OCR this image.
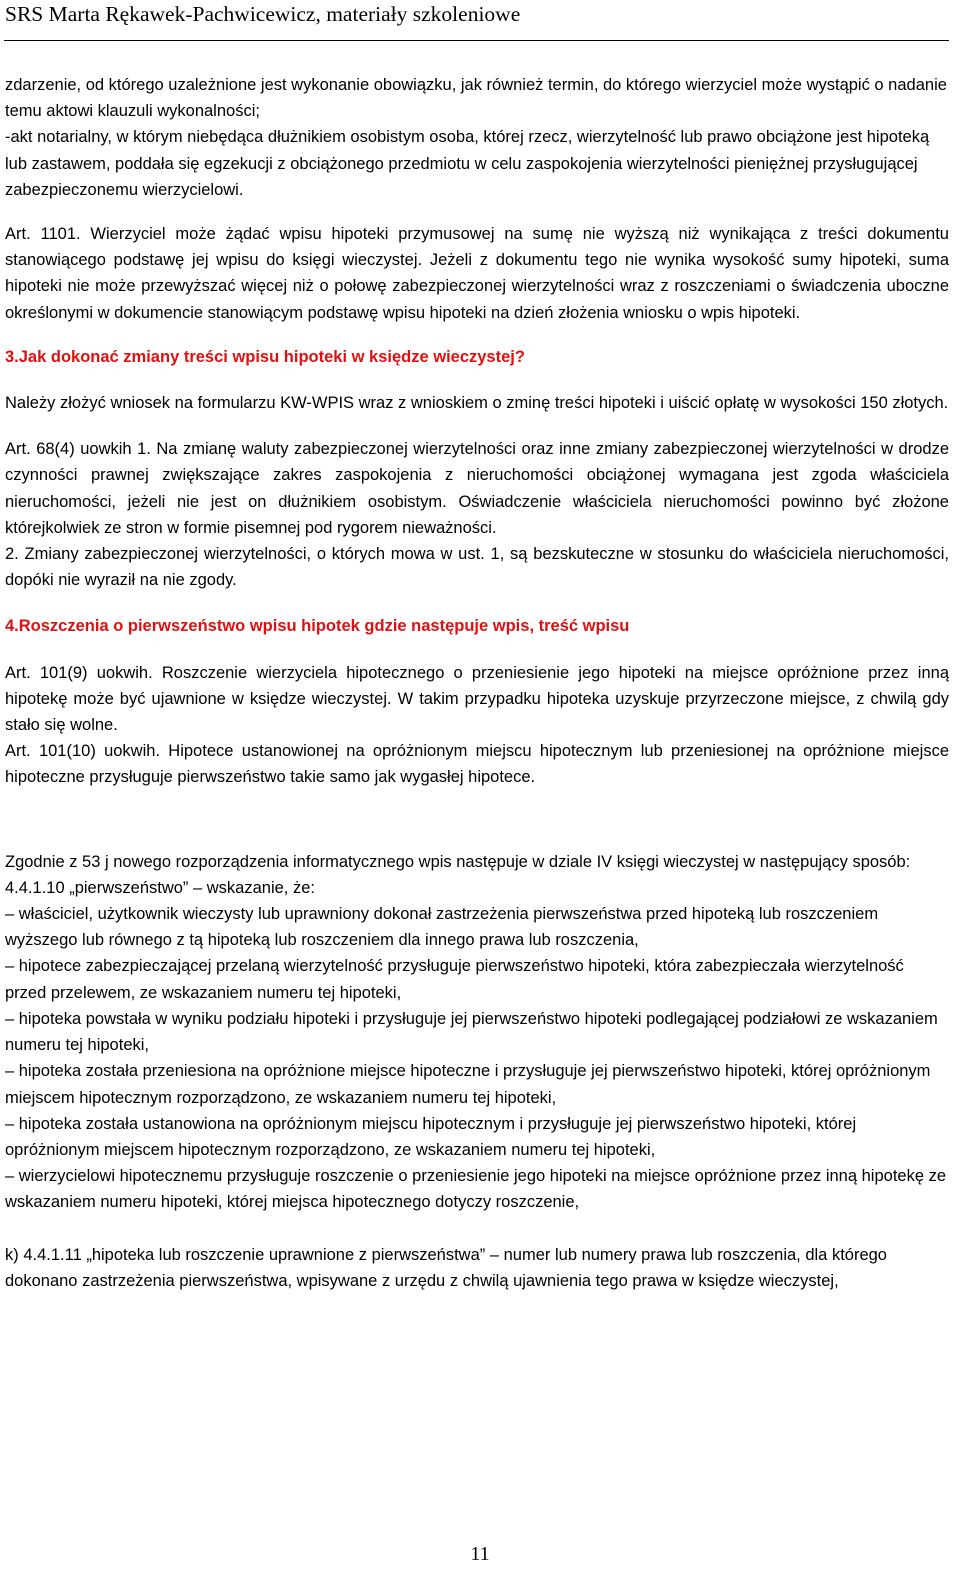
SRS Marta Rękawek-Pachwicewicz, materiały szkoleniowe

zdarzenie, od którego uzależnione jest wykonanie obowiązku, jak również termin, do którego wierzyciel może wystąpić o nadanie temu aktowi klauzuli wykonalności;

-akt notarialny, w którym niebędąca dłużnikiem osobistym osoba, której rzecz, wierzytelność lub prawo obciążone jest hipoteką lub zastawem, poddała się egzekucji z obciążonego przedmiotu w celu zaspokojenia wierzytelności pieniężnej przysługującej zabezpieczonemu wierzycielowi.

Art. 1101. Wierzyciel może żądać wpisu hipoteki przymusowej na sumę nie wyższą niż wynikająca z treści dokumentu stanowiącego podstawę jej wpisu do księgi wieczystej. Jeżeli z dokumentu tego nie wynika wysokość sumy hipoteki, suma hipoteki nie może przewyższać więcej niż o połowę zabezpieczonej wierzytelności wraz z roszczeniami o świadczenia uboczne określonymi w dokumencie stanowiącym podstawę wpisu hipoteki na dzień złożenia wniosku o wpis hipoteki.

3.Jak dokonać zmiany treści wpisu hipoteki w księdze wieczystej?

Należy złożyć wniosek na formularzu KW-WPIS wraz z wnioskiem o zminę treści hipoteki i uiścić opłatę w wysokości 150 złotych.

Art. 68(4) uowkih 1. Na zmianę waluty zabezpieczonej wierzytelności oraz inne zmiany zabezpieczonej wierzytelności w drodze czynności prawnej zwiększające zakres zaspokojenia z nieruchomości obciążonej wymagana jest zgoda właściciela nieruchomości, jeżeli nie jest on dłużnikiem osobistym. Oświadczenie właściciela nieruchomości powinno być złożone którejkolwiek ze stron w formie pisemnej pod rygorem nieważności.

2. Zmiany zabezpieczonej wierzytelności, o których mowa w ust. 1, są bezskuteczne w stosunku do właściciela nieruchomości, dopóki nie wyraził na nie zgody.

4.Roszczenia o pierwszeństwo wpisu hipotek gdzie następuje wpis, treść wpisu

Art. 101(9) uokwih. Roszczenie wierzyciela hipotecznego o przeniesienie jego hipoteki na miejsce opróżnione przez inną hipotekę może być ujawnione w księdze wieczystej. W takim przypadku hipoteka uzyskuje przyrzeczone miejsce, z chwilą gdy stało się wolne.

Art. 101(10) uokwih. Hipotece ustanowionej na opróżnionym miejscu hipotecznym lub przeniesionej na opróżnione miejsce hipoteczne przysługuje pierwszeństwo takie samo jak wygasłej hipotece.

Zgodnie z 53 j nowego rozporządzenia informatycznego wpis następuje w dziale IV księgi wieczystej w następujący sposób:

4.4.1.10 „pierwszeństwo” – wskazanie, że:

– właściciel, użytkownik wieczysty lub uprawniony dokonał zastrzeżenia pierwszeństwa przed hipoteką lub roszczeniem wyższego lub równego z tą hipoteką lub roszczeniem dla innego prawa lub roszczenia,

– hipotece zabezpieczającej przelaną wierzytelność przysługuje pierwszeństwo hipoteki, która zabezpieczała wierzytelność przed przelewem, ze wskazaniem numeru tej hipoteki,

– hipoteka powstała w wyniku podziału hipoteki i przysługuje jej pierwszeństwo hipoteki podlegającej podziałowi ze wskazaniem numeru tej hipoteki,

– hipoteka została przeniesiona na opróżnione miejsce hipoteczne i przysługuje jej pierwszeństwo hipoteki, której opróżnionym miejscem hipotecznym rozporządzono, ze wskazaniem numeru tej hipoteki,

– hipoteka została ustanowiona na opróżnionym miejscu hipotecznym i przysługuje jej pierwszeństwo hipoteki, której opróżnionym miejscem hipotecznym rozporządzono, ze wskazaniem numeru tej hipoteki,

– wierzycielowi hipotecznemu przysługuje roszczenie o przeniesienie jego hipoteki na miejsce opróżnione przez inną hipotekę ze wskazaniem numeru hipoteki, której miejsca hipotecznego dotyczy roszczenie,

k) 4.4.1.11 „hipoteka lub roszczenie uprawnione z pierwszeństwa” – numer lub numery prawa lub roszczenia, dla którego dokonano zastrzeżenia pierwszeństwa, wpisywane z urzędu z chwilą ujawnienia tego prawa w księdze wieczystej,

11
